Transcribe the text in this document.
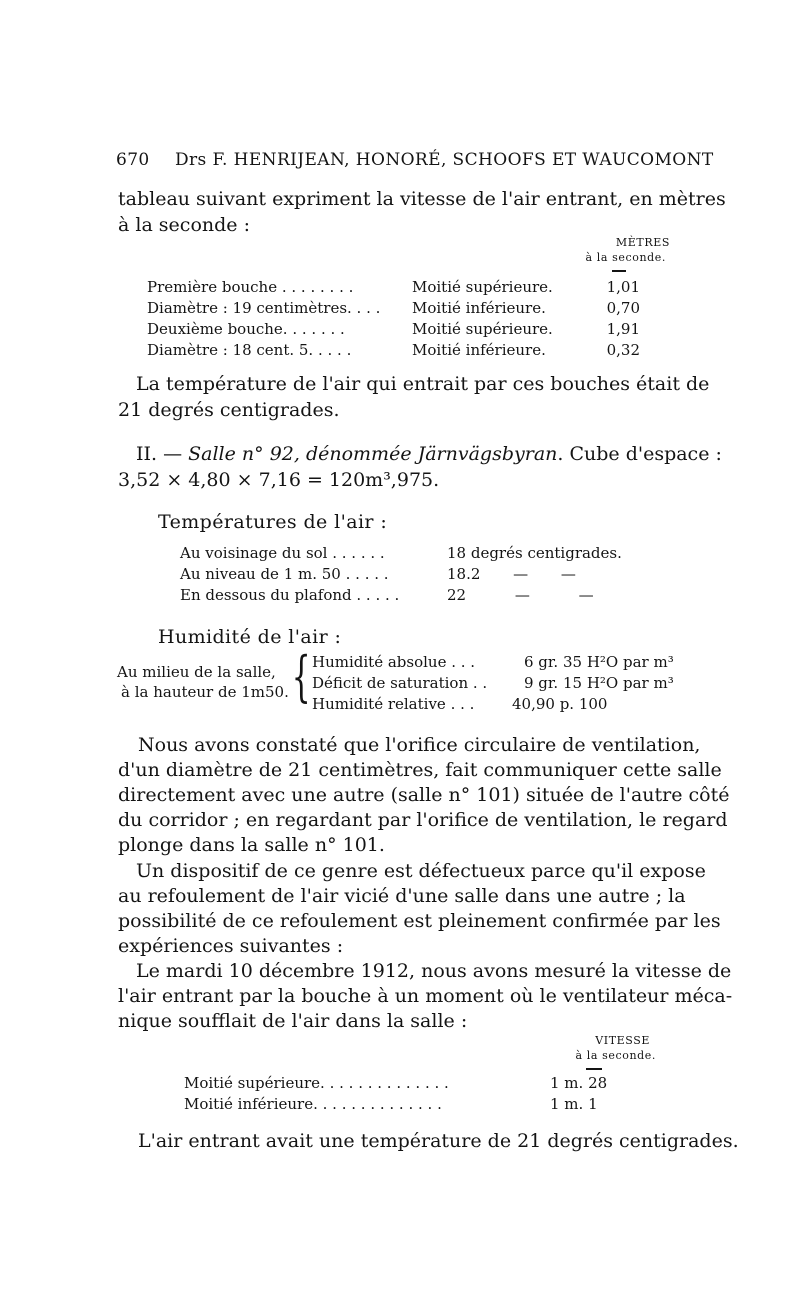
670 Drs F. HENRIJEAN, HONORÉ, SCHOOFS ET WAUCOMONT
tableau suivant expriment la vitesse de l'air entrant, en mètres
à la seconde :
MÈTRES
à la seconde.
Première bouche . . . . . . . .	Moitié supérieure.	1,01
Diamètre : 19 centimètres. . . . Moitié inférieure.	0,70
Deuxième bouche. . . . . . .	Moitié supérieure.	1,91
Diamètre : 18 cent. 5. . . . .	Moitié inférieure.	0,32
La température de l'air qui entrait par ces bouches était de
21 degrés centigrades.
II. — Salle n° 92, dénommée Järnvägsbyran. Cube d'espace :
3,52 × 4,80 × 7,16 = 120m³,975.
Températures de l'air :
Au voisinage du sol . . . . . .	18 degrés centigrades.
Au niveau de 1 m. 50 . . . . .	18.2 — —
En dessous du plafond . . . . .	22 — —
Humidité de l'air :
Au milieu de la salle,
à la hauteur de 1m50. { Humidité absolue . . .	6 gr. 35 H²O par m³
Déficit de saturation . . 9 gr. 15 H²O par m³
Humidité relative . . .	40,90 p. 100
Nous avons constaté que l'orifice circulaire de ventilation,
d'un diamètre de 21 centimètres, fait communiquer cette salle
directement avec une autre (salle n° 101) située de l'autre côté
du corridor ; en regardant par l'orifice de ventilation, le regard
plonge dans la salle n° 101.
Un dispositif de ce genre est défectueux parce qu'il expose
au refoulement de l'air vicié d'une salle dans une autre ; la
possibilité de ce refoulement est pleinement confirmée par les
expériences suivantes :
Le mardi 10 décembre 1912, nous avons mesuré la vitesse de
l'air entrant par la bouche à un moment où le ventilateur méca-
nique soufflait de l'air dans la salle :
VITESSE
à la seconde.
Moitié supérieure. . . . . . . . . . . . . .	1 m. 28
Moitié inférieure. . . . . . . . . . . . . .	1 m. 1
L'air entrant avait une température de 21 degrés centigrades.
